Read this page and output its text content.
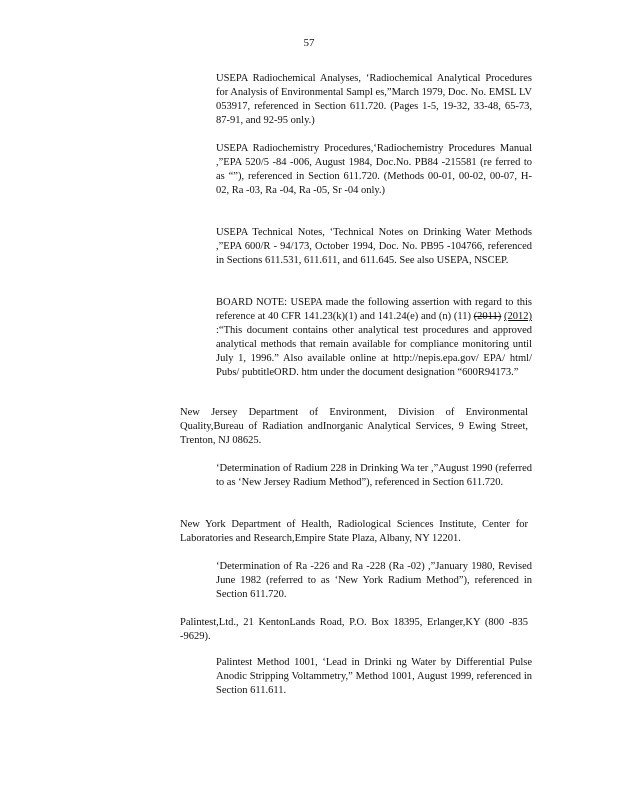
57

USEPA Radiochemical Analyses, ‘Radiochemical Analytical Procedures for Analysis of Environmental Sampl es,”March 1979, Doc. No. EMSL LV 053917, referenced in Section 611.720. (Pages 1-5, 19-32, 33-48, 65-73, 87-91, and 92-95 only.)

USEPA Radiochemistry Procedures,‘Radiochemistry Procedures Manual ,”EPA 520/5 -84 -006, August 1984, Doc.No. PB84 -215581 (re ferred to as “”), referenced in Section 611.720. (Methods 00-01, 00-02, 00-07, H-02, Ra -03, Ra -04, Ra -05, Sr -04 only.)

USEPA Technical Notes, ‘Technical Notes on Drinking Water Methods ,”EPA 600/R - 94/173, October 1994, Doc. No. PB95 -104766, referenced in Sections 611.531, 611.611, and 611.645. See also USEPA, NSCEP.

BOARD NOTE: USEPA made the following assertion with regard to this reference at 40 CFR 141.23(k)(1) and 141.24(e) and (n) (11) (2011) (2012) :“This document contains other analytical test procedures and approved analytical methods that remain available for compliance monitoring until July 1, 1996.” Also available online at http://nepis.epa.gov/ EPA/ html/ Pubs/ pubtitleORD. htm under the document designation “600R94173.”

New Jersey Department of Environment, Division of Environmental Quality,Bureau of Radiation andInorganic Analytical Services, 9 Ewing Street, Trenton, NJ 08625.

‘Determination of Radium 228 in Drinking Wa ter ,”August 1990 (referred to as ‘New Jersey Radium Method”), referenced in Section 611.720.

New York Department of Health, Radiological Sciences Institute, Center for Laboratories and Research,Empire State Plaza, Albany, NY 12201.

‘Determination of Ra -226 and Ra -228 (Ra -02) ,”January 1980, Revised June 1982 (referred to as ‘New York Radium Method”), referenced in Section 611.720.

Palintest,Ltd., 21 KentonLands Road, P.O. Box 18395, Erlanger,KY (800 -835 -9629).

Palintest Method 1001, ‘Lead in Drinki ng Water by Differential Pulse Anodic Stripping Voltammetry,” Method 1001, August 1999, referenced in Section 611.611.
